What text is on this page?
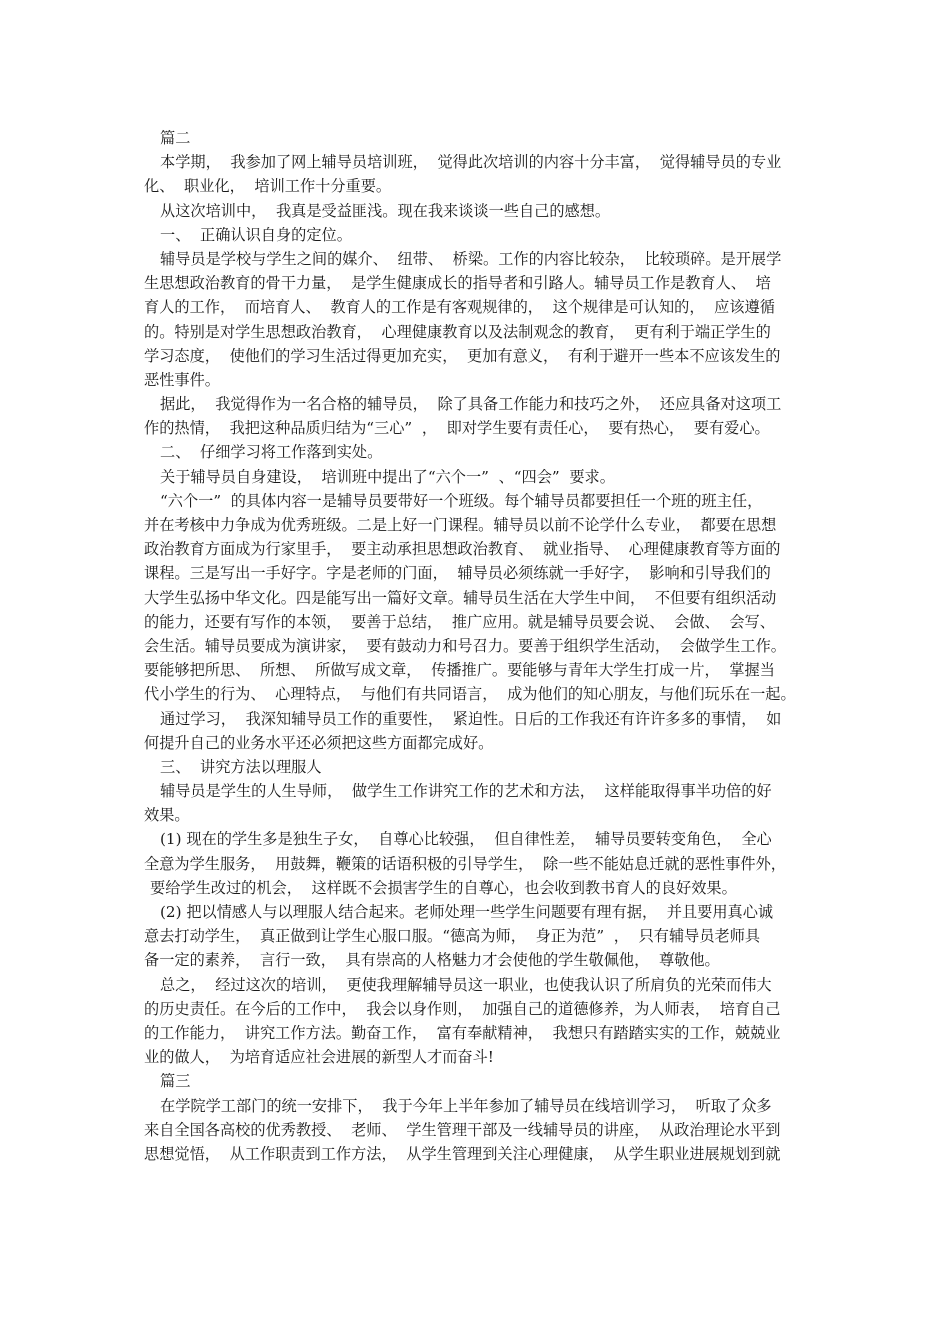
篇二
本学期，  我参加了网上辅导员培训班，  觉得此次培训的内容十分丰富，  觉得辅导员的专业
化、  职业化，  培训工作十分重要。
从这次培训中，  我真是受益匪浅。现在我来谈谈一些自己的感想。
一、  正确认识自身的定位。
辅导员是学校与学生之间的媒介、  纽带、  桥梁。工作的内容比较杂，  比较琐碎。是开展学
生思想政治教育的骨干力量，  是学生健康成长的指导者和引路人。辅导员工作是教育人、  培
育人的工作，  而培育人、  教育人的工作是有客观规律的，  这个规律是可认知的，  应该遵循
的。特别是对学生思想政治教育，  心理健康教育以及法制观念的教育，  更有利于端正学生的
学习态度，  使他们的学习生活过得更加充实，  更加有意义，  有利于避开一些本不应该发生的
恶性事件。
据此，  我觉得作为一名合格的辅导员，  除了具备工作能力和技巧之外，  还应具备对这项工
作的热情，  我把这种品质归结为“三心”  ，  即对学生要有责任心，  要有热心，  要有爱心。
二、  仔细学习将工作落到实处。
关于辅导员自身建设，  培训班中提出了“六个一”  、“四会”  要求。
“六个一”  的具体内容一是辅导员要带好一个班级。每个辅导员都要担任一个班的班主任，
并在考核中力争成为优秀班级。二是上好一门课程。辅导员以前不论学什么专业，  都要在思想
政治教育方面成为行家里手，  要主动承担思想政治教育、  就业指导、  心理健康教育等方面的
课程。三是写出一手好字。字是老师的门面，  辅导员必须练就一手好字，  影响和引导我们的
大学生弘扬中华文化。四是能写出一篇好文章。辅导员生活在大学生中间，  不但要有组织活动
的能力，还要有写作的本领，  要善于总结，  推广应用。就是辅导员要会说、  会做、  会写、
会生活。辅导员要成为演讲家，  要有鼓动力和号召力。要善于组织学生活动，  会做学生工作。
要能够把所思、  所想、  所做写成文章，  传播推广。要能够与青年大学生打成一片，  掌握当
代小学生的行为、  心理特点，  与他们有共同语言，  成为他们的知心朋友，与他们玩乐在一起。
通过学习，  我深知辅导员工作的重要性，  紧迫性。日后的工作我还有许许多多的事情，  如
何提升自己的业务水平还必须把这些方面都完成好。
三、  讲究方法以理服人
辅导员是学生的人生导师，  做学生工作讲究工作的艺术和方法，  这样能取得事半功倍的好
效果。
(1) 现在的学生多是独生子女，  自尊心比较强，  但自律性差，  辅导员要转变角色，  全心
全意为学生服务，  用鼓舞，鞭策的话语积极的引导学生，  除一些不能姑息迁就的恶性事件外，
要给学生改过的机会，  这样既不会损害学生的自尊心，也会收到教书育人的良好效果。
(2) 把以情感人与以理服人结合起来。老师处理一些学生问题要有理有据，  并且要用真心诚
意去打动学生，  真正做到让学生心服口服。“德高为师，  身正为范”  ，  只有辅导员老师具
备一定的素养，  言行一致，  具有崇高的人格魅力才会使他的学生敬佩他，  尊敬他。
总之，  经过这次的培训，  更使我理解辅导员这一职业，也使我认识了所肩负的光荣而伟大
的历史责任。在今后的工作中，  我会以身作则，  加强自己的道德修养，为人师表，  培育自己
的工作能力，  讲究工作方法。勤奋工作，  富有奉献精神，  我想只有踏踏实实的工作，兢兢业
业的做人，  为培育适应社会进展的新型人才而奋斗!
篇三
在学院学工部门的统一安排下，  我于今年上半年参加了辅导员在线培训学习，  听取了众多
来自全国各高校的优秀教授、  老师、  学生管理干部及一线辅导员的讲座，  从政治理论水平到
思想觉悟，  从工作职责到工作方法，  从学生管理到关注心理健康，  从学生职业进展规划到就
